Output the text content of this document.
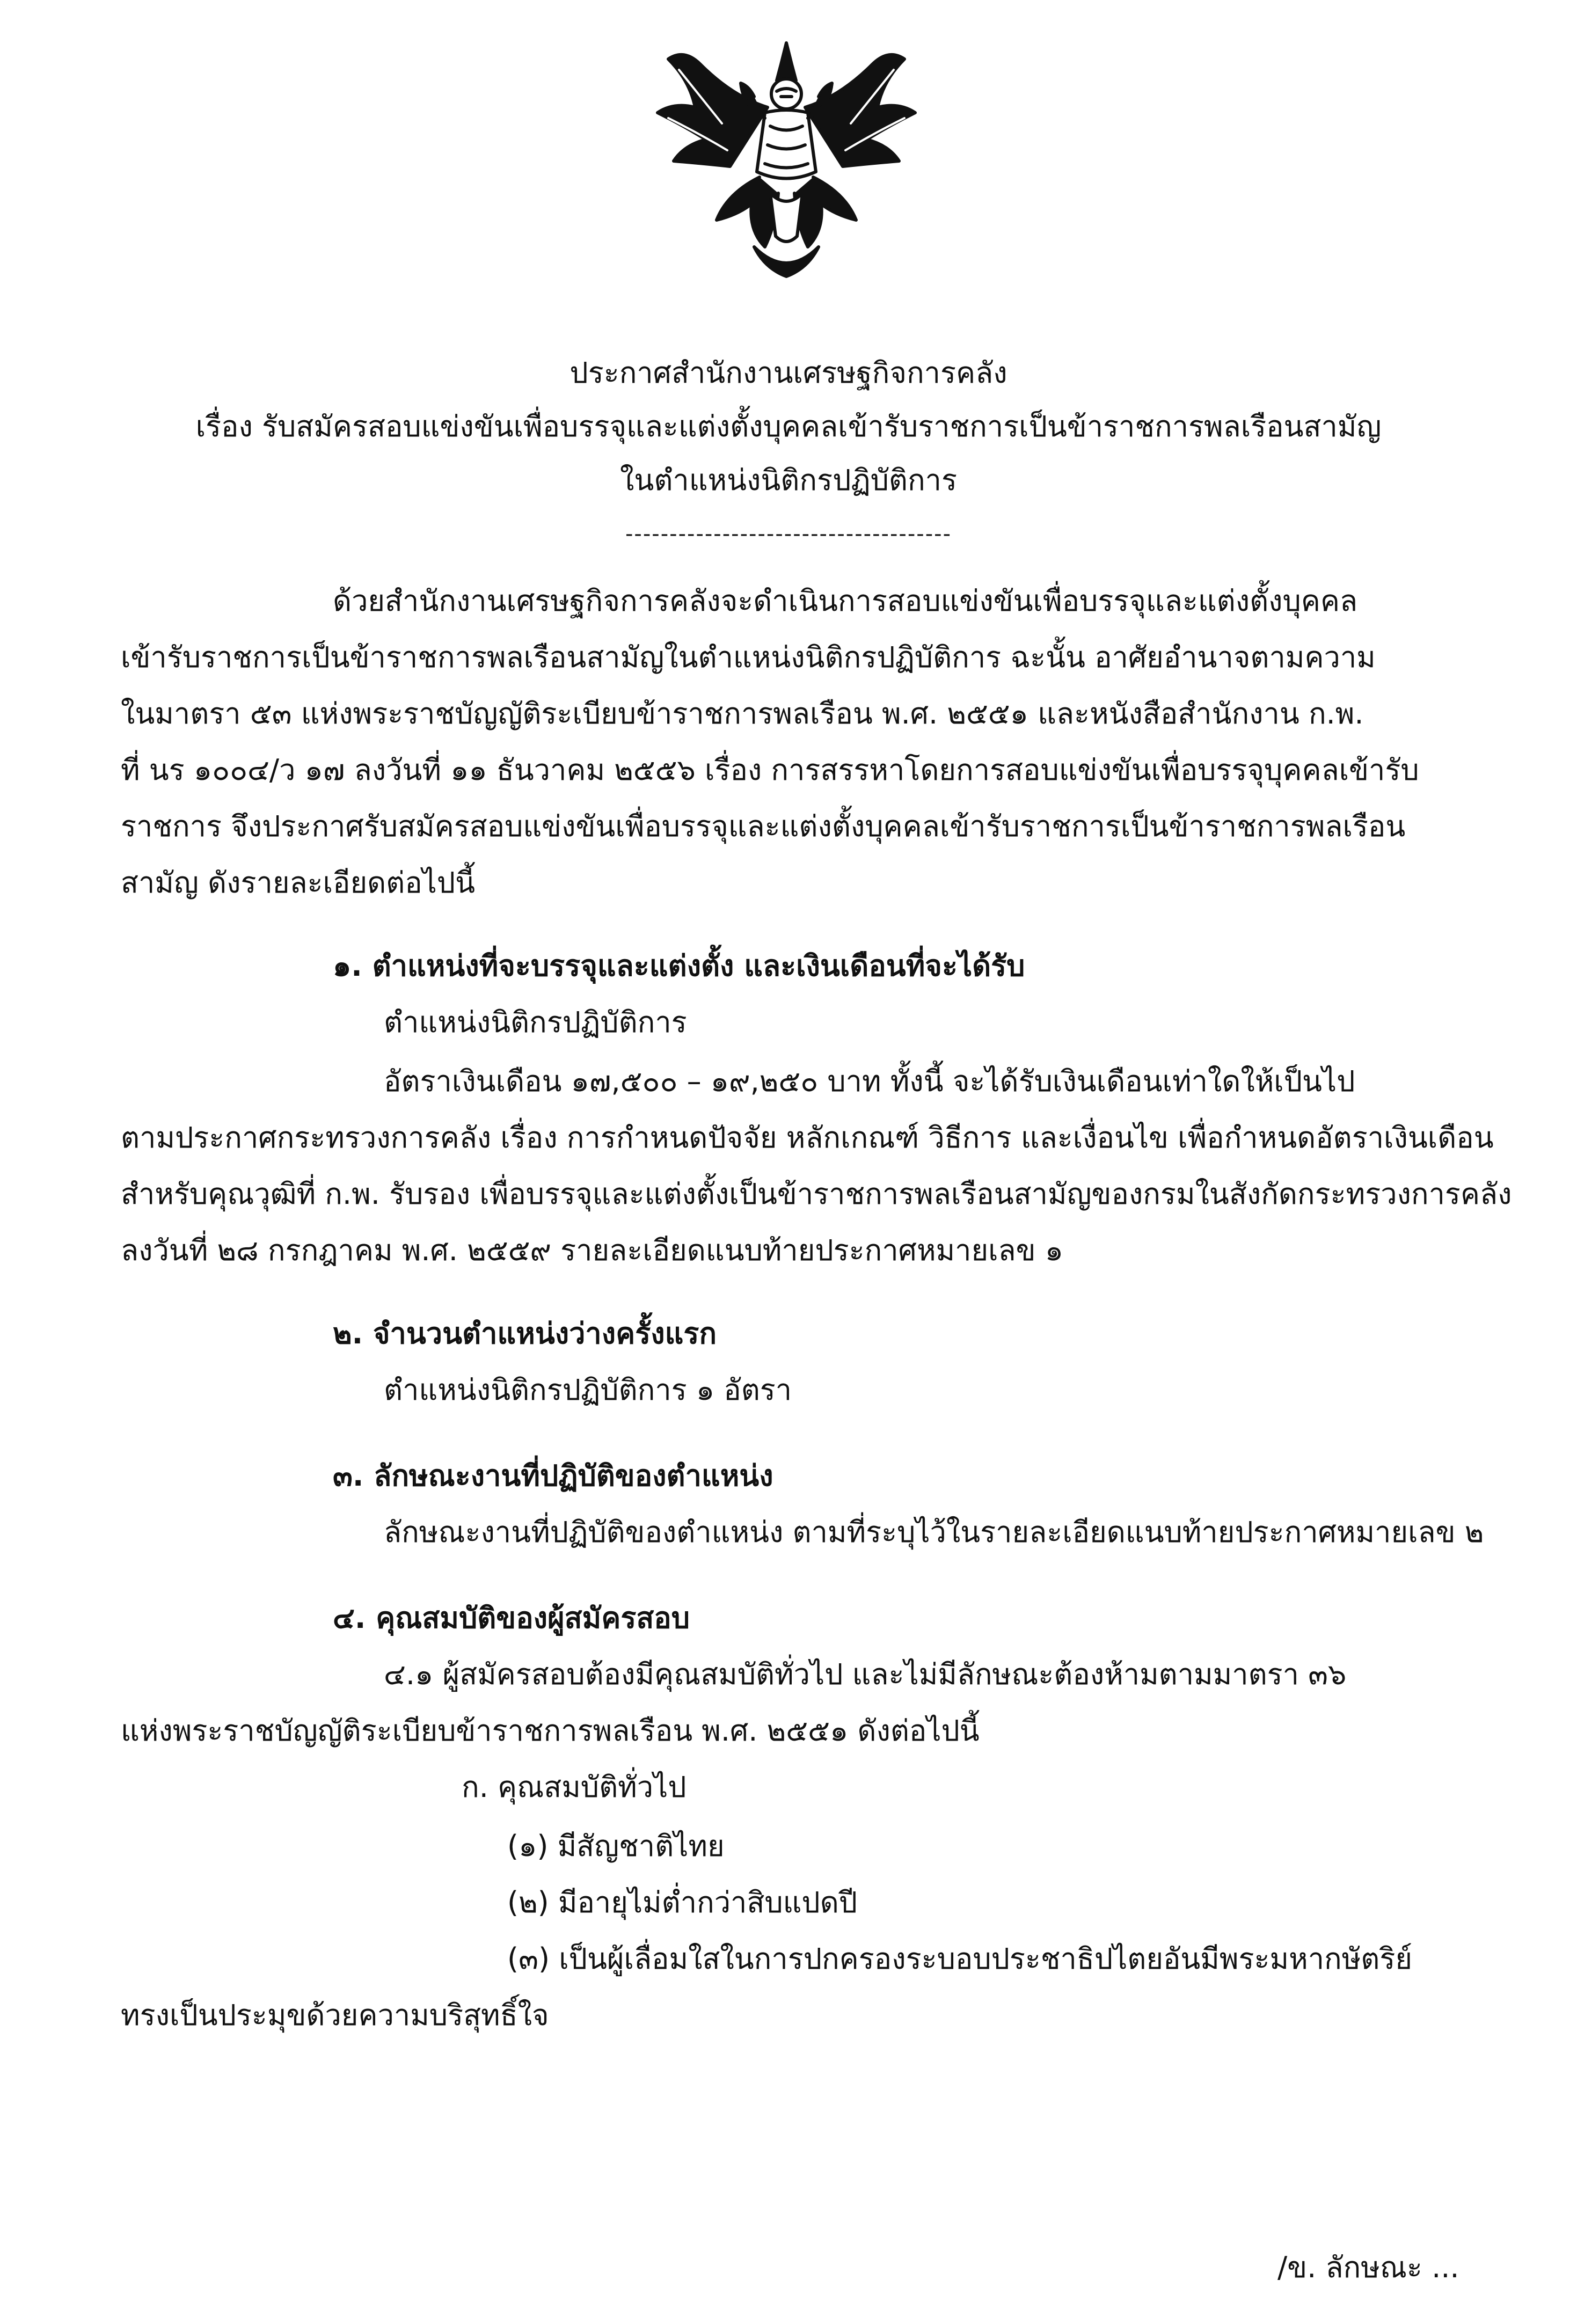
ประกาศสำนักงานเศรษฐกิจการคลัง
เรื่อง รับสมัครสอบแข่งขันเพื่อบรรจุและแต่งตั้งบุคคลเข้ารับราชการเป็นข้าราชการพลเรือนสามัญ
ในตำแหน่งนิติกรปฏิบัติการ
-------------------------------------
ด้วยสำนักงานเศรษฐกิจการคลังจะดำเนินการสอบแข่งขันเพื่อบรรจุและแต่งตั้งบุคคล
เข้ารับราชการเป็นข้าราชการพลเรือนสามัญในตำแหน่งนิติกรปฏิบัติการ ฉะนั้น อาศัยอำนาจตามความ
ในมาตรา ๕๓ แห่งพระราชบัญญัติระเบียบข้าราชการพลเรือน พ.ศ. ๒๕๕๑ และหนังสือสำนักงาน ก.พ.
ที่ นร ๑๐๐๔/ว ๑๗ ลงวันที่ ๑๑ ธันวาคม ๒๕๕๖ เรื่อง การสรรหาโดยการสอบแข่งขันเพื่อบรรจุบุคคลเข้ารับ
ราชการ จึงประกาศรับสมัครสอบแข่งขันเพื่อบรรจุและแต่งตั้งบุคคลเข้ารับราชการเป็นข้าราชการพลเรือน
สามัญ ดังรายละเอียดต่อไปนี้
๑. ตำแหน่งที่จะบรรจุและแต่งตั้ง และเงินเดือนที่จะได้รับ
ตำแหน่งนิติกรปฏิบัติการ
อัตราเงินเดือน ๑๗,๕๐๐ – ๑๙,๒๕๐ บาท ทั้งนี้ จะได้รับเงินเดือนเท่าใดให้เป็นไป
ตามประกาศกระทรวงการคลัง เรื่อง การกำหนดปัจจัย หลักเกณฑ์ วิธีการ และเงื่อนไข เพื่อกำหนดอัตราเงินเดือน
สำหรับคุณวุฒิที่ ก.พ. รับรอง เพื่อบรรจุและแต่งตั้งเป็นข้าราชการพลเรือนสามัญของกรมในสังกัดกระทรวงการคลัง
ลงวันที่ ๒๘ กรกฎาคม พ.ศ. ๒๕๕๙ รายละเอียดแนบท้ายประกาศหมายเลข ๑
๒. จำนวนตำแหน่งว่างครั้งแรก
ตำแหน่งนิติกรปฏิบัติการ ๑ อัตรา
๓. ลักษณะงานที่ปฏิบัติของตำแหน่ง
ลักษณะงานที่ปฏิบัติของตำแหน่ง ตามที่ระบุไว้ในรายละเอียดแนบท้ายประกาศหมายเลข ๒
๔. คุณสมบัติของผู้สมัครสอบ
๔.๑ ผู้สมัครสอบต้องมีคุณสมบัติทั่วไป และไม่มีลักษณะต้องห้ามตามมาตรา ๓๖
แห่งพระราชบัญญัติระเบียบข้าราชการพลเรือน พ.ศ. ๒๕๕๑ ดังต่อไปนี้
ก. คุณสมบัติทั่วไป
(๑) มีสัญชาติไทย
(๒) มีอายุไม่ต่ำกว่าสิบแปดปี
(๓) เป็นผู้เลื่อมใสในการปกครองระบอบประชาธิปไตยอันมีพระมหากษัตริย์
ทรงเป็นประมุขด้วยความบริสุทธิ์ใจ
/ข. ลักษณะ ...
